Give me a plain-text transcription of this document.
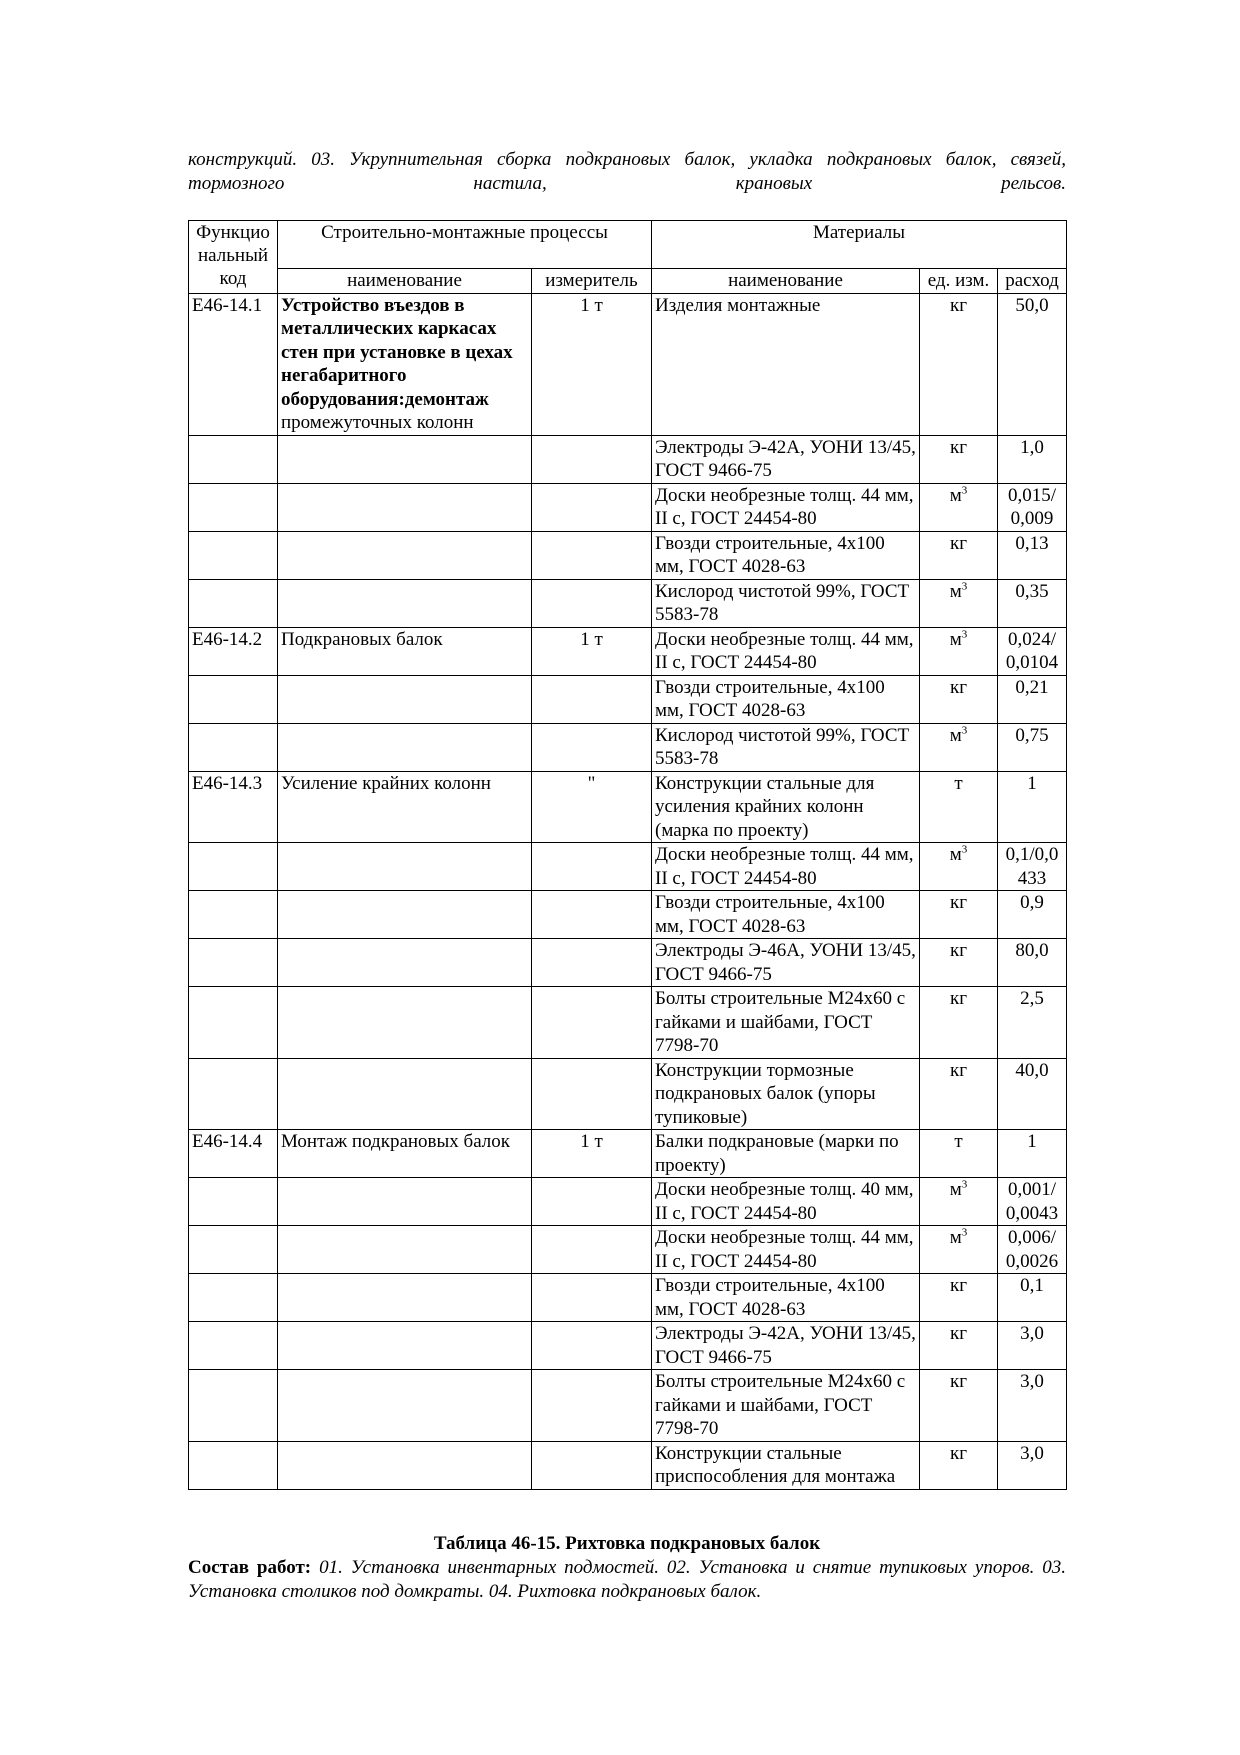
конструкций. 03. Укрупнительная сборка подкрановых балок, укладка подкрановых балок, связей, тормозного настила, крановых рельсов.

Функцио нальный код	Строительно-монтажные процессы		Материалы		
	наименование	измеритель	наименование	ед. изм.	расход
Е46-14.1	Устройство въездов в металлических каркасах стен при установке в цехах негабаритного оборудования:демонтаж промежуточных колонн	1 т	Изделия монтажные	кг	50,0
			Электроды Э-42А, УОНИ 13/45, ГОСТ 9466-75	кг	1,0
			Доски необрезные толщ. 44 мм, II с, ГОСТ 24454-80	$м^3$	0,015/ 0,009
			Гвозди строительные, 4х100 мм, ГОСТ 4028-63	кг	0,13
			Кислород чистотой 99%, ГОСТ 5583-78	$м^3$	0,35
Е46-14.2	Подкрановых балок	1 т	Доски необрезные толщ. 44 мм, II с, ГОСТ 24454-80	$м^3$	0,024/ 0,0104
			Гвозди строительные, 4х100 мм, ГОСТ 4028-63	кг	0,21
			Кислород чистотой 99%, ГОСТ 5583-78	$м^3$	0,75
Е46-14.3	Усиление крайних колонн	"	Конструкции стальные для усиления крайних колонн (марка по проекту)	т	1
			Доски необрезные толщ. 44 мм, II с, ГОСТ 24454-80	$м^3$	0,1/0,0 433
			Гвозди строительные, 4х100 мм, ГОСТ 4028-63	кг	0,9
			Электроды Э-46А, УОНИ 13/45, ГОСТ 9466-75	кг	80,0
			Болты строительные М24х60 с гайками и шайбами, ГОСТ 7798-70	кг	2,5
			Конструкции тормозные подкрановых балок (упоры тупиковые)	кг	40,0
Е46-14.4	Монтаж подкрановых балок	1 т	Балки подкрановые (марки по проекту)	т	1
			Доски необрезные толщ. 40 мм, II с, ГОСТ 24454-80	$м^3$	0,001/ 0,0043
			Доски необрезные толщ. 44 мм, II с, ГОСТ 24454-80	$м^3$	0,006/ 0,0026
			Гвозди строительные, 4х100 мм, ГОСТ 4028-63	кг	0,1
			Электроды Э-42А, УОНИ 13/45, ГОСТ 9466-75	кг	3,0
			Болты строительные М24х60 с гайками и шайбами, ГОСТ 7798-70	кг	3,0
			Конструкции стальные приспособления для монтажа	кг	3,0

Таблица 46-15. Рихтовка подкрановых балок

Состав работ: 01. Установка инвентарных подмостей. 02. Установка и снятие тупиковых упоров. 03. Установка столиков под домкраты. 04. Рихтовка подкрановых балок.
